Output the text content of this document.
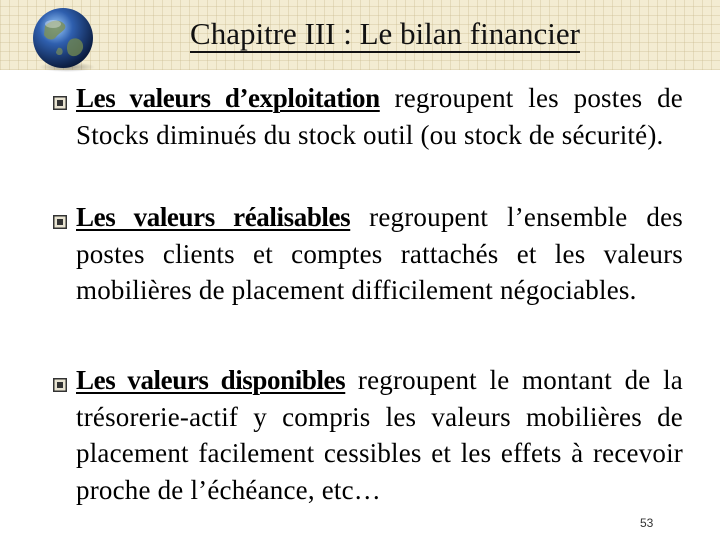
Chapitre III : Le bilan financier
Les valeurs d’exploitation regroupent les postes de Stocks diminués du stock outil (ou stock de sécurité).
Les valeurs réalisables regroupent l’ensemble des postes clients et comptes rattachés et les valeurs mobilières de placement difficilement négociables.
Les valeurs disponibles regroupent le montant de la trésorerie-actif y compris les valeurs mobilières de placement facilement cessibles et les effets à recevoir proche de l’échéance, etc…
53
